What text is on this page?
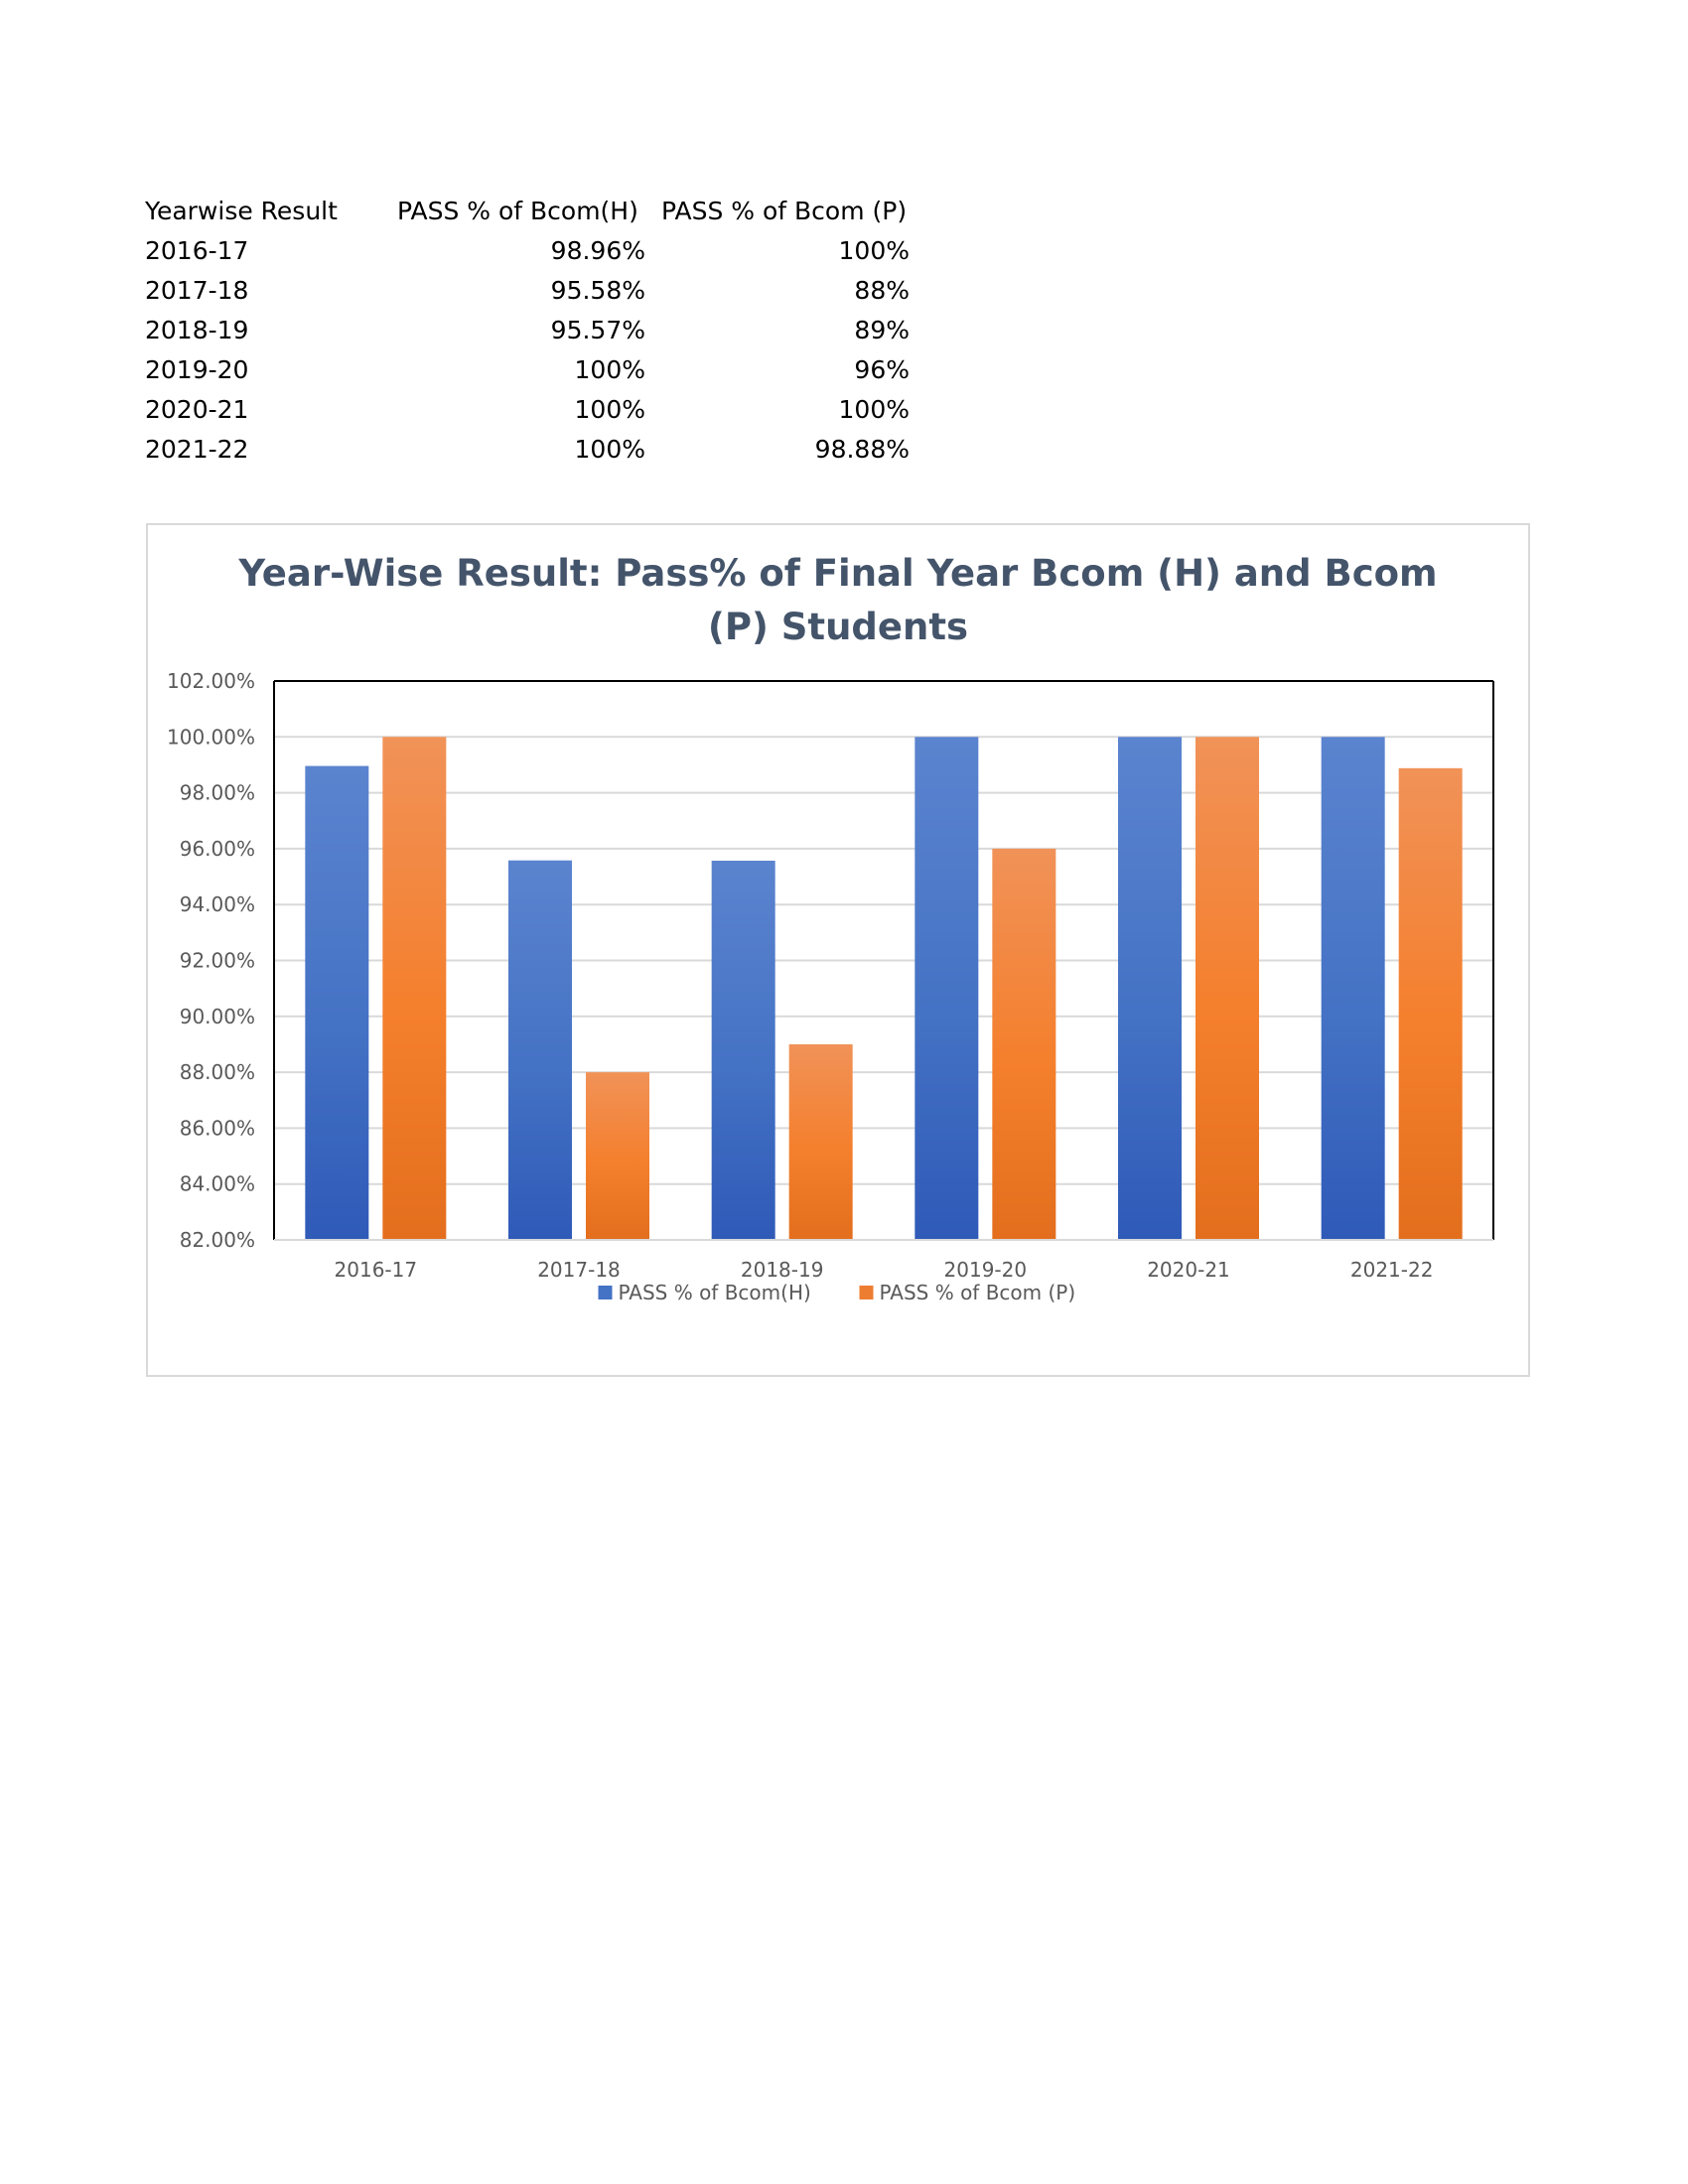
Yearwise Result	PASS % of Bcom(H)	PASS % of Bcom (P)
2016-17	98.96%	100%
2017-18	95.58%	88%
2018-19	95.57%	89%
2019-20	100%	96%
2020-21	100%	100%
2021-22	100%	98.88%
82.00%
84.00%
86.00%
88.00%
90.00%
92.00%
94.00%
96.00%
98.00%
100.00%
102.00%
2016-17	2017-18	2018-19	2019-20	2020-21	2021-22
PASS % of Bcom(H)	PASS % of Bcom (P)
Year-Wise Result: Pass% of Final Year Bcom (H) and Bcom
(P) Students
